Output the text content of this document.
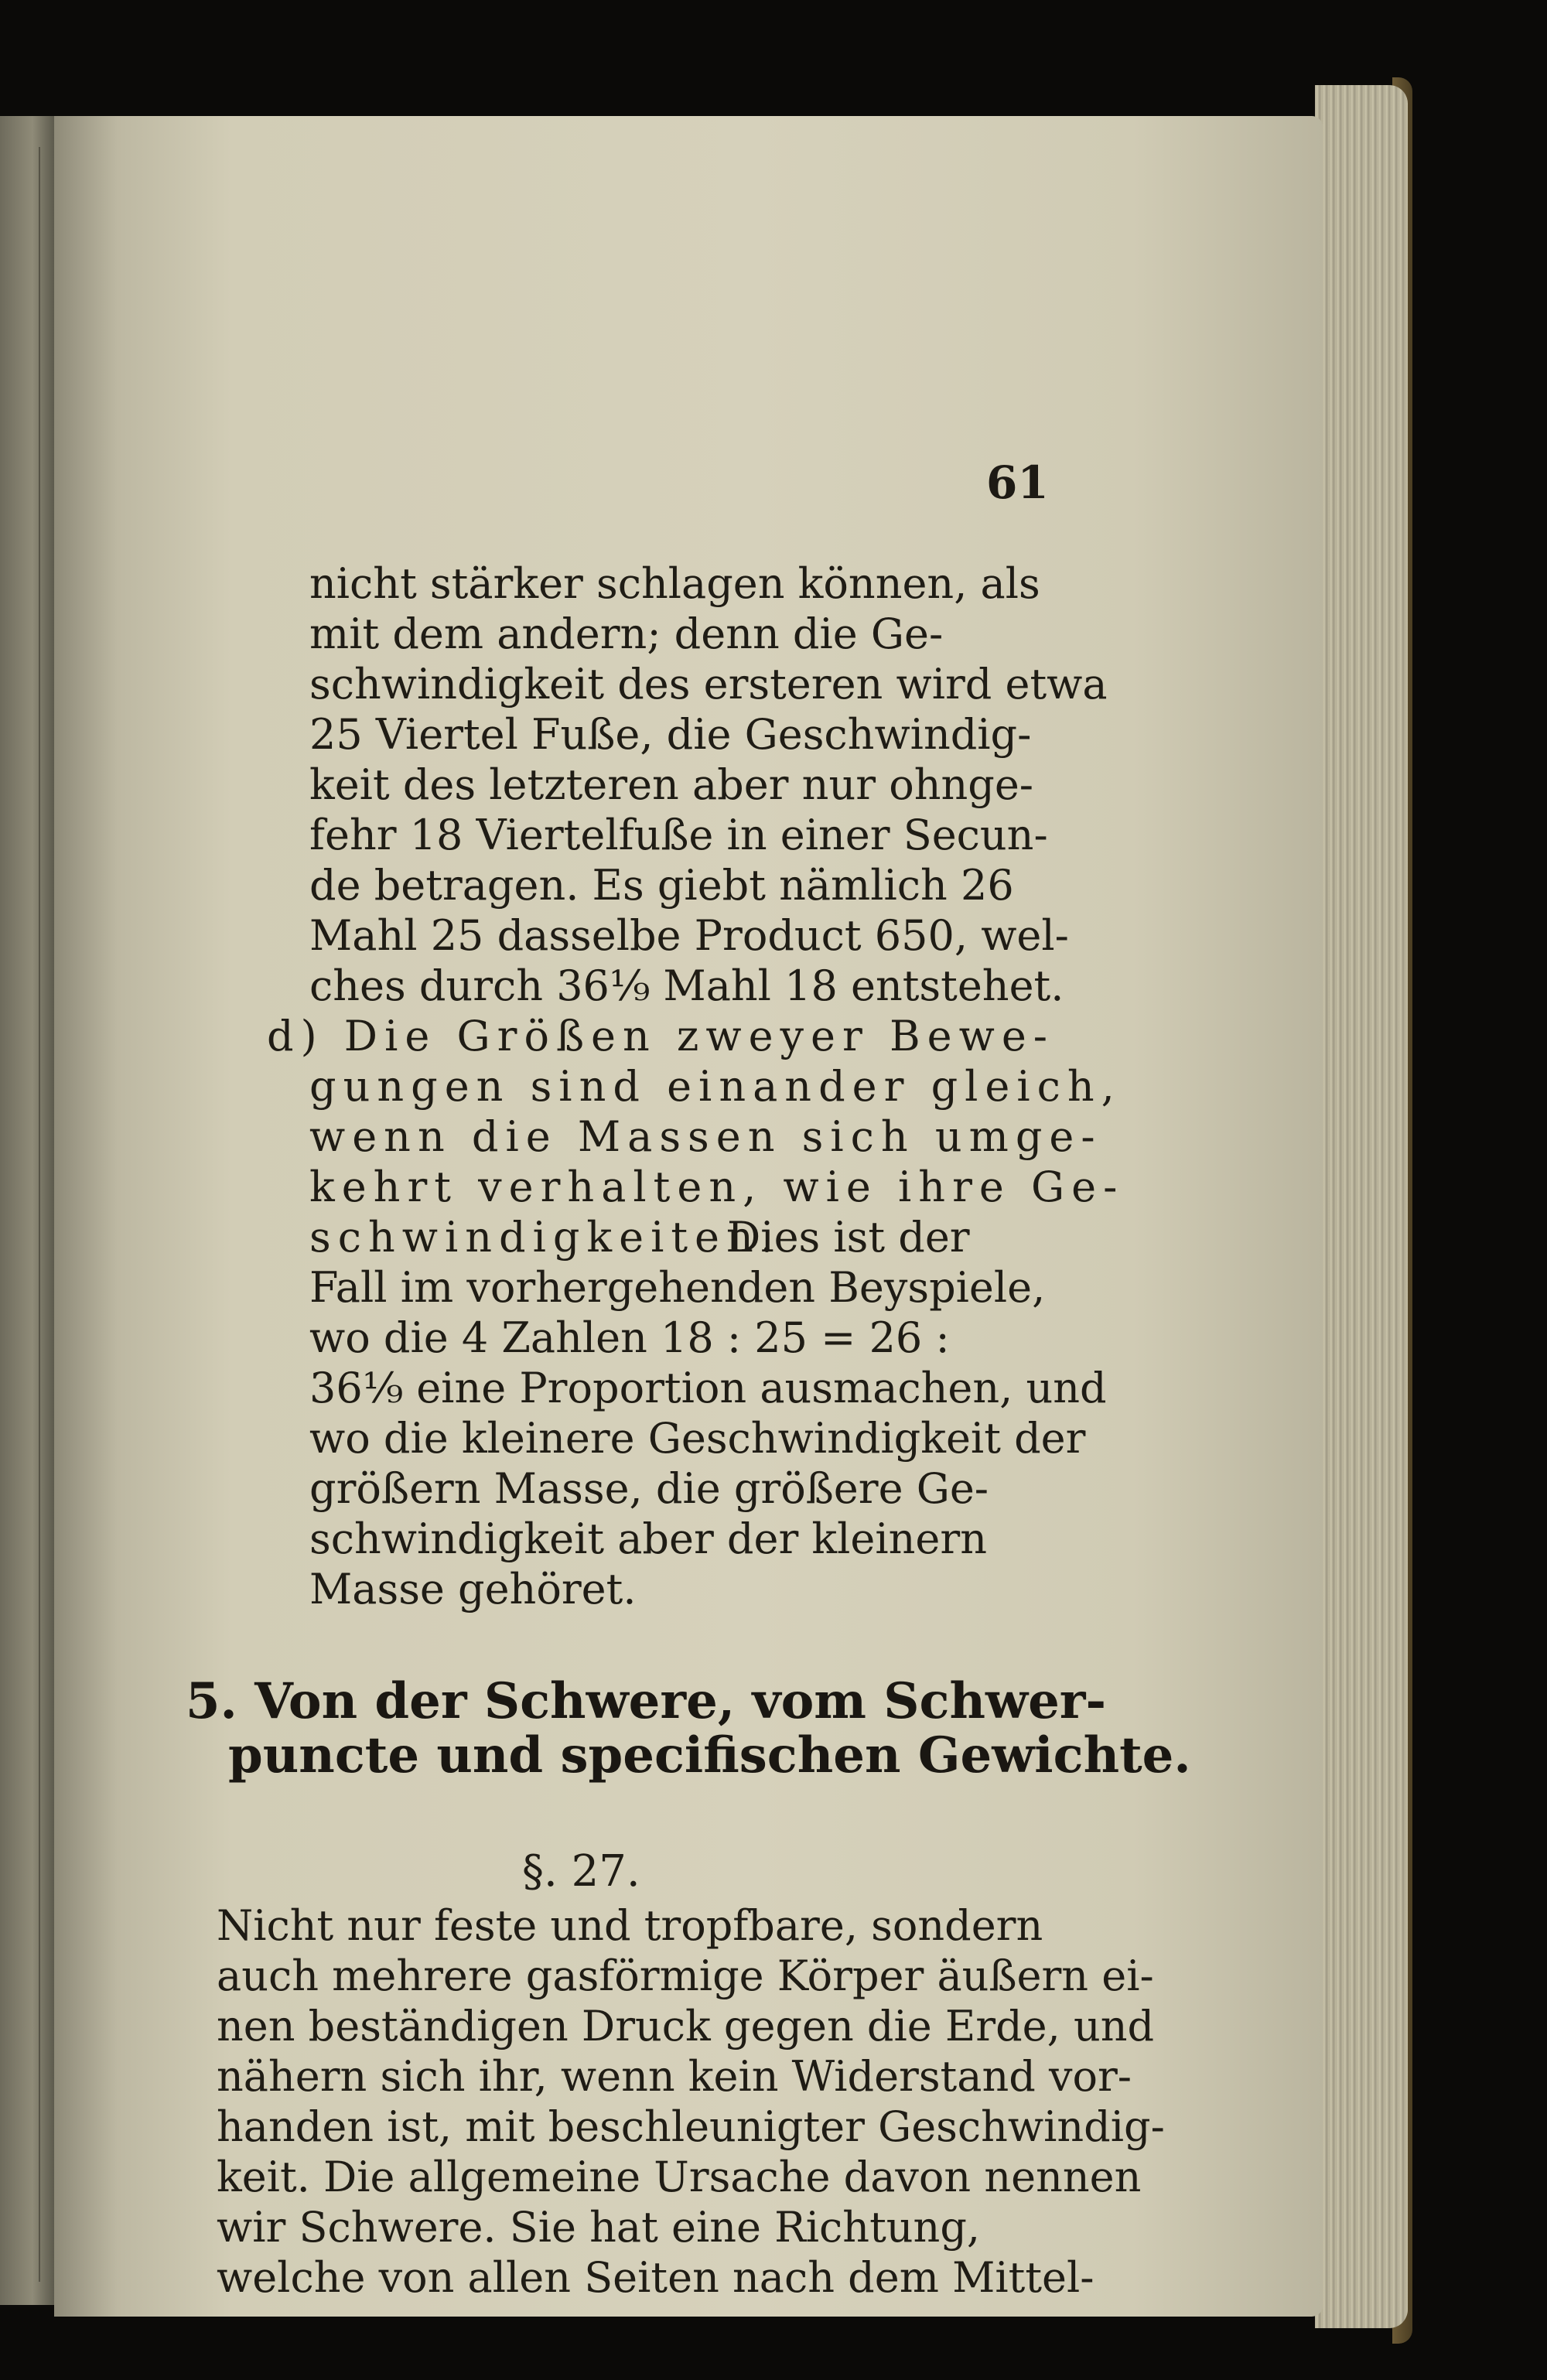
61
nicht stärker schlagen können, als
mit dem andern; denn die Ge-
schwindigkeit des ersteren wird etwa
25 Viertel Fuße, die Geschwindig-
keit des letzteren aber nur ohnge-
fehr 18 Viertelfuße in einer Secun-
de betragen. Es giebt nämlich 26
Mahl 25 dasselbe Product 650, wel-
ches durch 36⅑ Mahl 18 entstehet.
d) Die Größen zweyer Bewe-
gungen sind einander gleich,
wenn die Massen sich umge-
kehrt verhalten, wie ihre Ge-
schwindigkeiten.
Dies ist der
Fall im vorhergehenden Beyspiele,
wo die 4 Zahlen 18 : 25 = 26 :
36⅑ eine Proportion ausmachen, und
wo die kleinere Geschwindigkeit der
größern Masse, die größere Ge-
schwindigkeit aber der kleinern
Masse gehöret.
5. Von der Schwere, vom Schwer-
puncte und specifischen Gewichte.
§. 27.
Nicht nur feste und tropfbare, sondern
auch mehrere gasförmige Körper äußern ei-
nen beständigen Druck gegen die Erde, und
nähern sich ihr, wenn kein Widerstand vor-
handen ist, mit beschleunigter Geschwindig-
keit. Die allgemeine Ursache davon nennen
wir Schwere. Sie hat eine Richtung,
welche von allen Seiten nach dem Mittel-
